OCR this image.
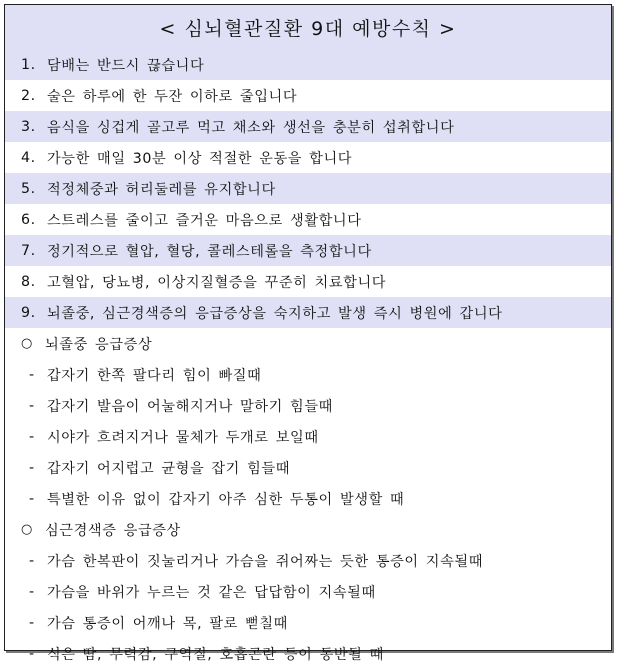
< 심뇌혈관질환 9대 예방수칙 >
1. 담배는 반드시 끊습니다
2. 술은 하루에 한 두잔 이하로 줄입니다
3. 음식을 싱겁게 골고루 먹고 채소와 생선을 충분히 섭취합니다
4. 가능한 매일 30분 이상 적절한 운동을 합니다
5. 적정체중과 허리둘레를 유지합니다
6. 스트레스를 줄이고 즐거운 마음으로 생활합니다
7. 정기적으로 혈압, 혈당, 콜레스테롤을 측정합니다
8. 고혈압, 당뇨병, 이상지질혈증을 꾸준히 치료합니다
9. 뇌졸중, 심근경색증의 응급증상을 숙지하고 발생 즉시 병원에 갑니다
○ 뇌졸중 응급증상
- 갑자기 한쪽 팔다리 힘이 빠질때
- 갑자기 발음이 어눌해지거나 말하기 힘들때
- 시야가 흐려지거나 물체가 두개로 보일때
- 갑자기 어지럽고 균형을 잡기 힘들때
- 특별한 이유 없이 갑자기 아주 심한 두통이 발생할 때
○ 심근경색증 응급증상
- 가슴 한복판이 짓눌리거나 가슴을 쥐어짜는 듯한 통증이 지속될때
- 가슴을 바위가 누르는 것 같은 답답함이 지속될때
- 가슴 통증이 어깨나 목, 팔로 뻗칠때
- 식은 땀, 무력감, 구역질, 호흡곤란 등이 동반될 때
